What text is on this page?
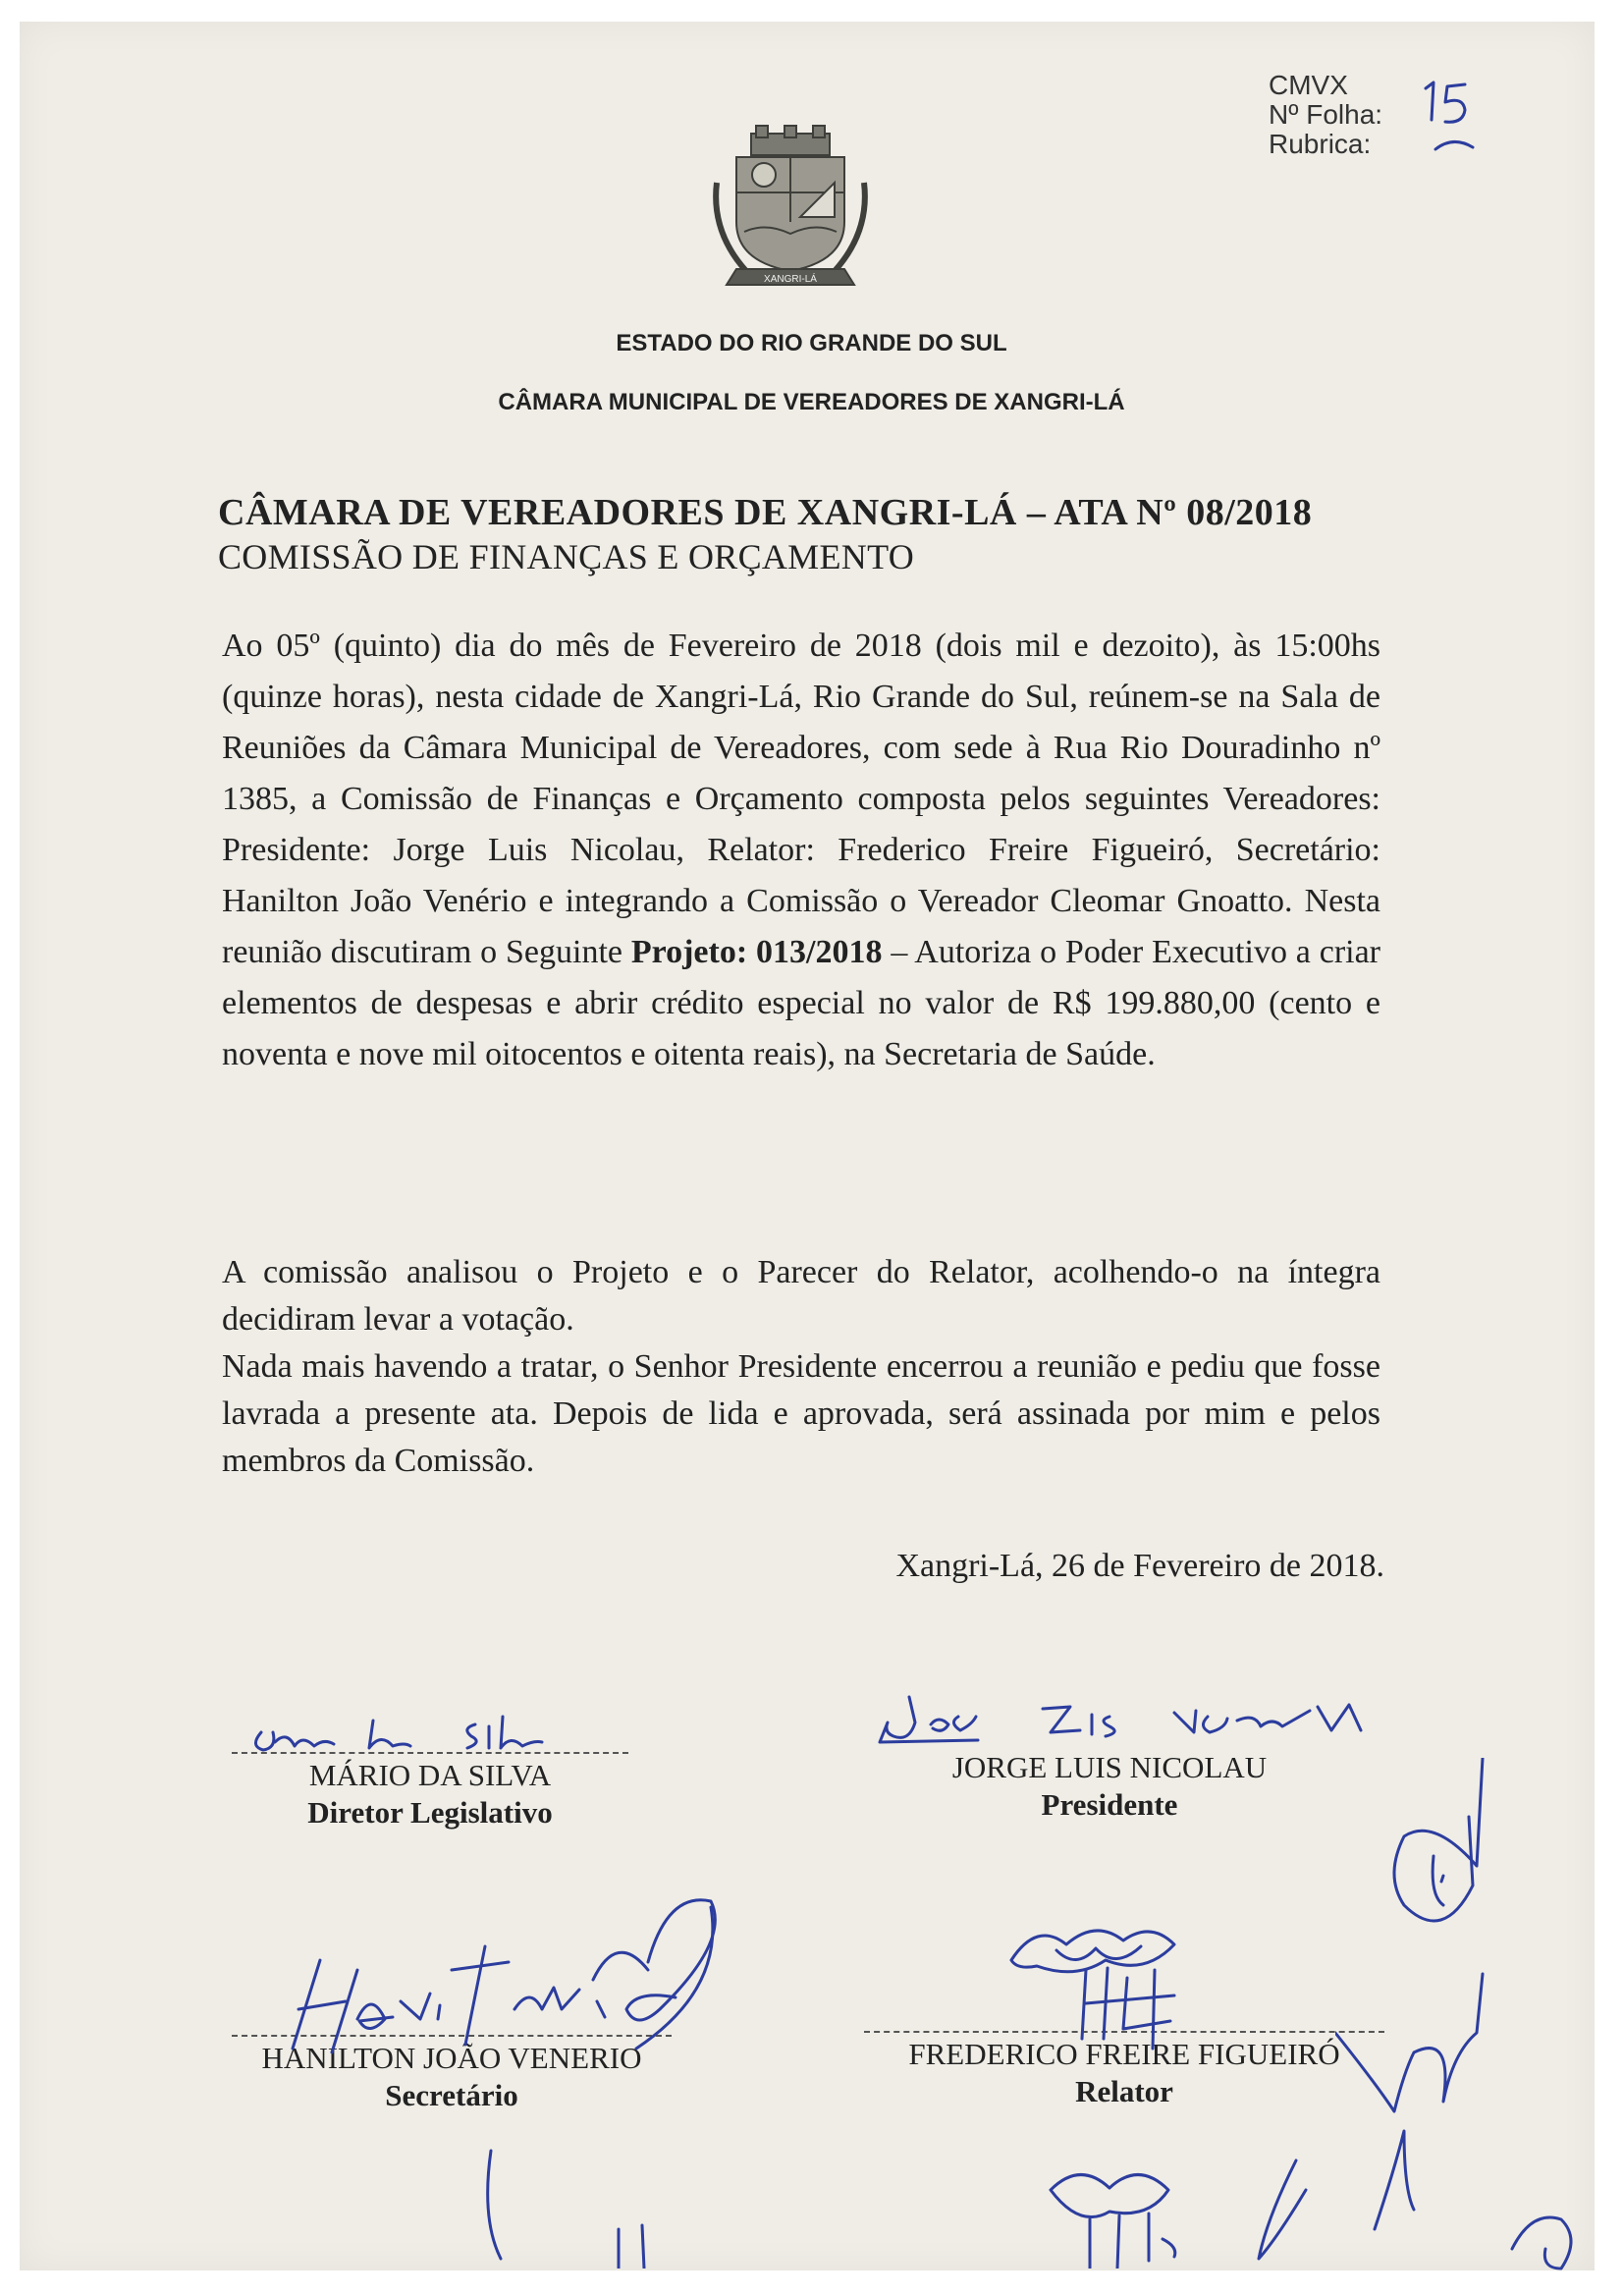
CMVX
Nº Folha:
Rubrica:
XANGRI-LÁ
ESTADO DO RIO GRANDE DO SUL
CÂMARA MUNICIPAL DE VEREADORES DE XANGRI-LÁ
CÂMARA DE VEREADORES DE XANGRI-LÁ – ATA Nº 08/2018
COMISSÃO DE FINANÇAS E ORÇAMENTO
Ao 05º (quinto) dia do mês de Fevereiro de 2018 (dois mil e dezoito), às 15:00hs (quinze horas), nesta cidade de Xangri-Lá, Rio Grande do Sul, reúnem-se na Sala de Reuniões da Câmara Municipal de Vereadores, com sede à Rua Rio Douradinho nº 1385, a Comissão de Finanças e Orçamento composta pelos seguintes Vereadores: Presidente: Jorge Luis Nicolau, Relator: Frederico Freire Figueiró, Secretário: Hanilton João Venério e integrando a Comissão o Vereador Cleomar Gnoatto. Nesta reunião discutiram o Seguinte Projeto: 013/2018 – Autoriza o Poder Executivo a criar elementos de despesas e abrir crédito especial no valor de R$ 199.880,00 (cento e noventa e nove mil oitocentos e oitenta reais), na Secretaria de Saúde.
A comissão analisou o Projeto e o Parecer do Relator, acolhendo-o na íntegra decidiram levar a votação.
Nada mais havendo a tratar, o Senhor Presidente encerrou a reunião e pediu que fosse lavrada a presente ata. Depois de lida e aprovada, será assinada por mim e pelos membros da Comissão.
Xangri-Lá, 26 de Fevereiro de 2018.
MÁRIO DA SILVA
Diretor Legislativo
JORGE LUIS NICOLAU
Presidente
HANILTON JOÃO VENERIO
Secretário
FREDERICO FREIRE FIGUEIRÓ
Relator
